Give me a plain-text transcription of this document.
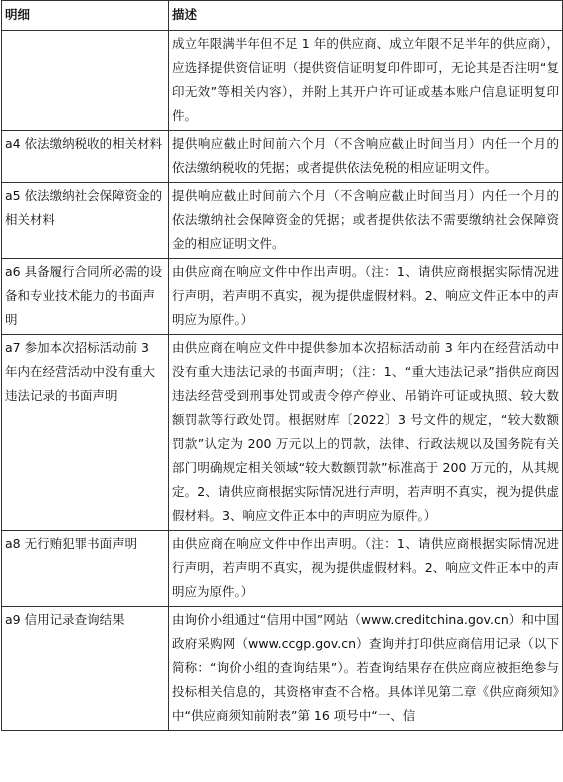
明细	描述
	成立年限满半年但不足 1 年的供应商、成立年限不足半年的供应商），应选择提供资信证明（提供资信证明复印件即可，无论其是否注明“复印无效”等相关内容），并附上其开户许可证或基本账户信息证明复印件。
a4 依法缴纳税收的相关材料	提供响应截止时间前六个月（不含响应截止时间当月）内任一个月的依法缴纳税收的凭据；或者提供依法免税的相应证明文件。
a5 依法缴纳社会保障资金的相关材料	提供响应截止时间前六个月（不含响应截止时间当月）内任一个月的依法缴纳社会保障资金的凭据；或者提供依法不需要缴纳社会保障资金的相应证明文件。
a6 具备履行合同所必需的设备和专业技术能力的书面声明	由供应商在响应文件中作出声明。（注：1、请供应商根据实际情况进行声明，若声明不真实，视为提供虚假材料。2、响应文件正本中的声明应为原件。）
a7 参加本次招标活动前 3 年内在经营活动中没有重大违法记录的书面声明	由供应商在响应文件中提供参加本次招标活动前 3 年内在经营活动中没有重大违法记录的书面声明；（注：1、“重大违法记录”指供应商因违法经营受到刑事处罚或责令停产停业、吊销许可证或执照、较大数额罚款等行政处罚。根据财库〔2022〕3 号文件的规定，“较大数额罚款”认定为 200 万元以上的罚款，法律、行政法规以及国务院有关部门明确规定相关领域“较大数额罚款”标准高于 200 万元的，从其规定。2、请供应商根据实际情况进行声明，若声明不真实，视为提供虚假材料。3、响应文件正本中的声明应为原件。）
a8 无行贿犯罪书面声明	由供应商在响应文件中作出声明。（注：1、请供应商根据实际情况进行声明，若声明不真实，视为提供虚假材料。2、响应文件正本中的声明应为原件。）
a9 信用记录查询结果	由询价小组通过“信用中国”网站（www.creditchina.gov.cn）和中国政府采购网（www.ccgp.gov.cn）查询并打印供应商信用记录（以下简称：“询价小组的查询结果”）。若查询结果存在供应商应被拒绝参与投标相关信息的，其资格审查不合格。具体详见第二章《供应商须知》中“供应商须知前附表”第 16 项号中“一、信
